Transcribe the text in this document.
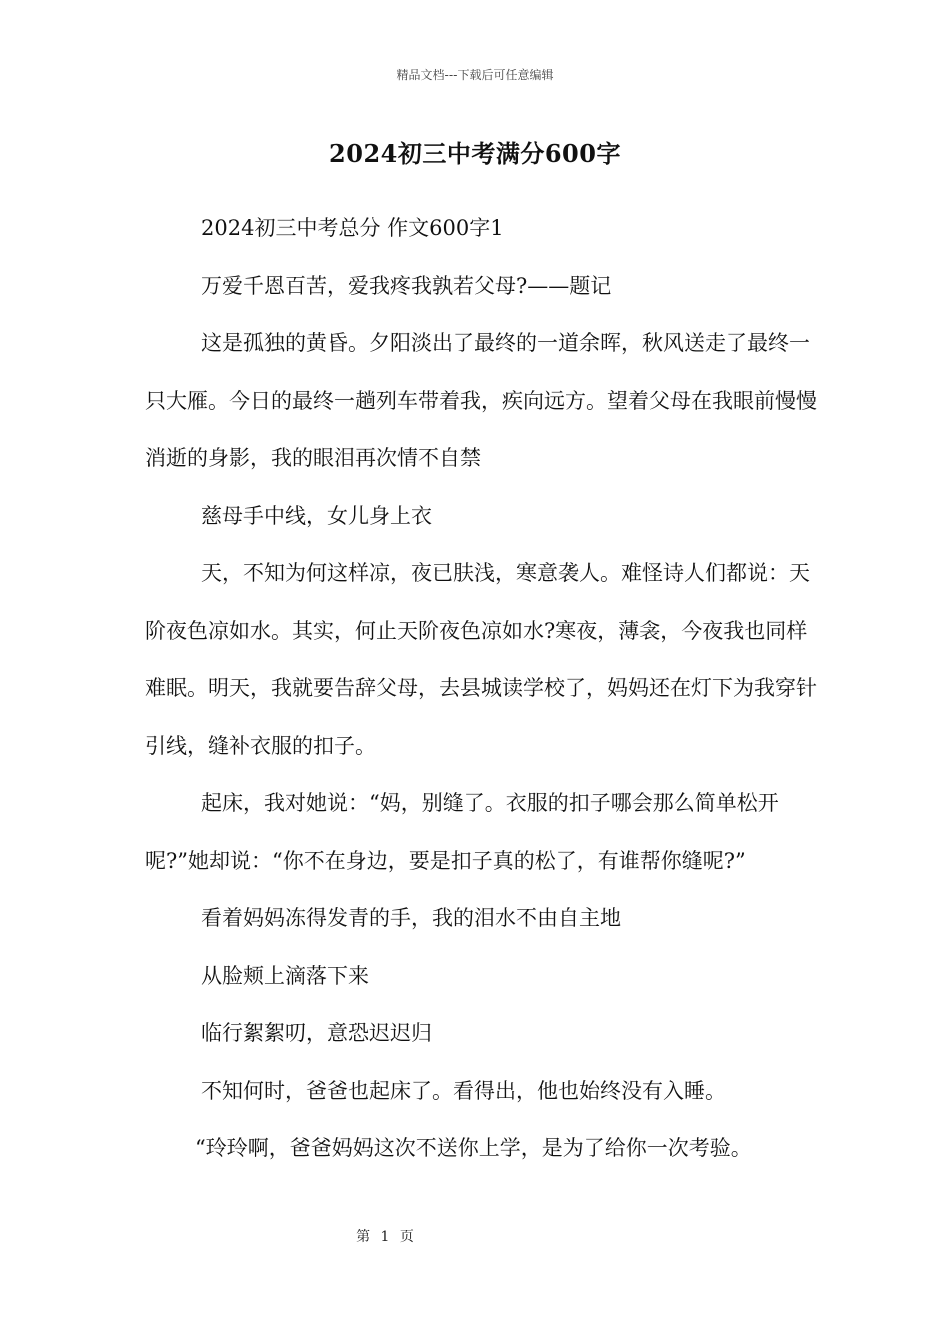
精品文档---下载后可任意编辑
2024初三中考满分600字

2024初三中考总分 作文600字1

万爱千恩百苦，爱我疼我孰若父母?——题记

这是孤独的黄昏。夕阳淡出了最终的一道余晖，秋风送走了最终一只大雁。今日的最终一趟列车带着我，疾向远方。望着父母在我眼前慢慢消逝的身影，我的眼泪再次情不自禁

慈母手中线，女儿身上衣

天，不知为何这样凉，夜已肤浅，寒意袭人。难怪诗人们都说：天阶夜色凉如水。其实，何止天阶夜色凉如水?寒夜，薄衾，今夜我也同样难眠。明天，我就要告辞父母，去县城读学校了，妈妈还在灯下为我穿针引线，缝补衣服的扣子。

起床，我对她说：“妈，别缝了。衣服的扣子哪会那么简单松开呢?”她却说：“你不在身边，要是扣子真的松了，有谁帮你缝呢?”

看着妈妈冻得发青的手，我的泪水不由自主地

从脸颊上滴落下来

临行絮絮叨，意恐迟迟归

不知何时，爸爸也起床了。看得出，他也始终没有入睡。

“玲玲啊，爸爸妈妈这次不送你上学，是为了给你一次考验。

第 1 页
